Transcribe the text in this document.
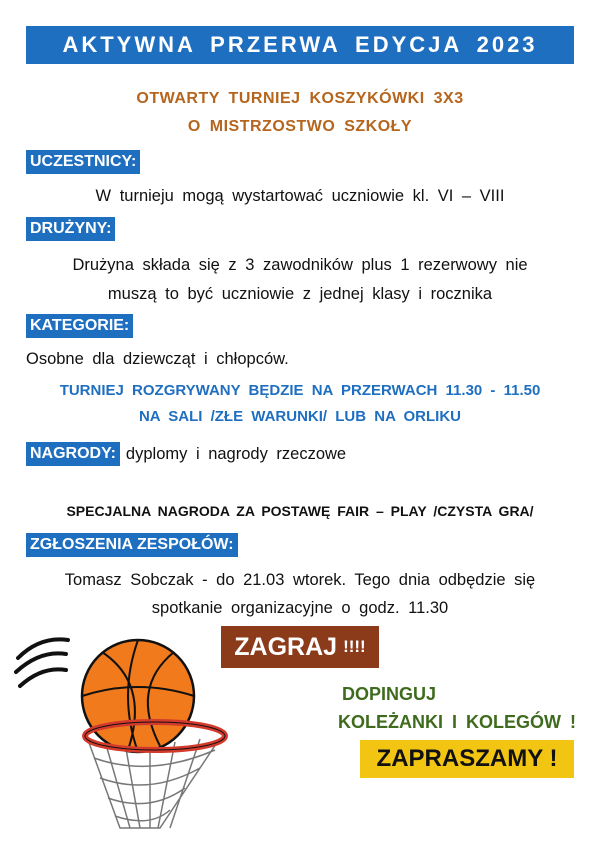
AKTYWNA PRZERWA EDYCJA 2023
OTWARTY TURNIEJ KOSZYKÓWKI 3X3
O MISTRZOSTWO SZKOŁY
UCZESTNICY:
W turnieju mogą wystartować uczniowie kl. VI – VIII
DRUŻYNY:
Drużyna składa się z 3 zawodników plus 1 rezerwowy nie
muszą to być uczniowie z jednej klasy i rocznika
KATEGORIE:
Osobne dla dziewcząt i chłopców.
TURNIEJ ROZGRYWANY BĘDZIE NA PRZERWACH 11.30 - 11.50
NA SALI /ZŁE WARUNKI/ LUB NA ORLIKU
NAGRODY: dyplomy i nagrody rzeczowe
SPECJALNA NAGRODA ZA POSTAWĘ FAIR – PLAY /CZYSTA GRA/
ZGŁOSZENIA ZESPOŁÓW:
Tomasz Sobczak - do 21.03 wtorek. Tego dnia odbędzie się
spotkanie organizacyjne o godz. 11.30
ZAGRAJ !!!!
DOPINGUJ
KOLEŻANKI I KOLEGÓW !
ZAPRASZAMY !
